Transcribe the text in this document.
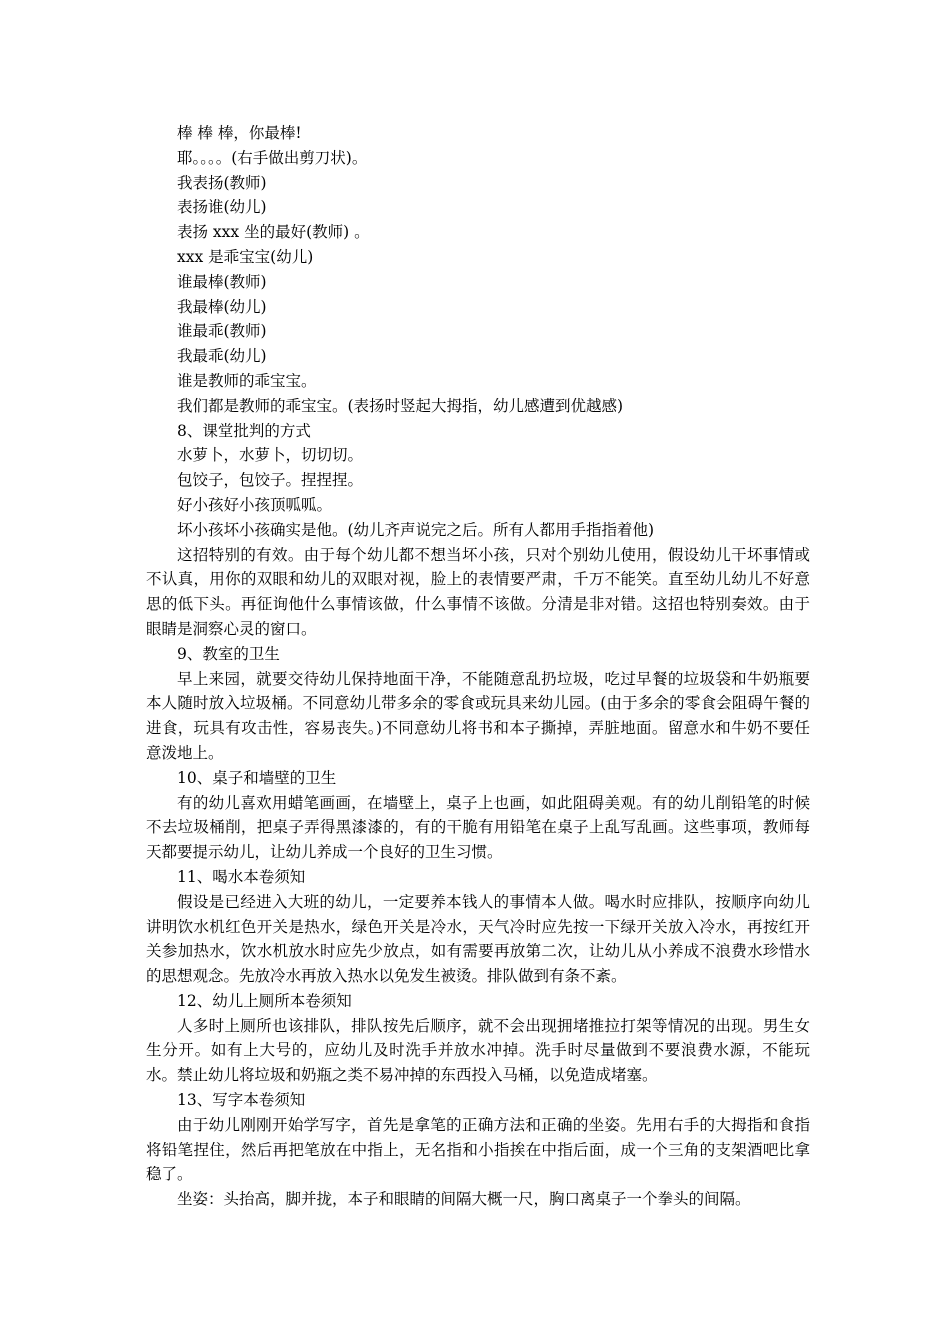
棒 棒 棒，你最棒!

耶。。。。(右手做出剪刀状)。

我表扬(教师)

表扬谁(幼儿)

表扬 xxx 坐的最好(教师) 。

xxx 是乖宝宝(幼儿)

谁最棒(教师)

我最棒(幼儿)

谁最乖(教师)

我最乖(幼儿)

谁是教师的乖宝宝。

我们都是教师的乖宝宝。(表扬时竖起大拇指，幼儿感遭到优越感)

8、课堂批判的方式

水萝卜，水萝卜，切切切。

包饺子，包饺子。捏捏捏。

好小孩好小孩顶呱呱。

坏小孩坏小孩确实是他。(幼儿齐声说完之后。所有人都用手指指着他)

这招特别的有效。由于每个幼儿都不想当坏小孩，只对个别幼儿使用，假设幼儿干坏事情或不认真，用你的双眼和幼儿的双眼对视，脸上的表情要严肃，千万不能笑。直至幼儿幼儿不好意思的低下头。再征询他什么事情该做，什么事情不该做。分清是非对错。这招也特别奏效。由于眼睛是洞察心灵的窗口。

9、教室的卫生

早上来园，就要交待幼儿保持地面干净，不能随意乱扔垃圾，吃过早餐的垃圾袋和牛奶瓶要本人随时放入垃圾桶。不同意幼儿带多余的零食或玩具来幼儿园。(由于多余的零食会阻碍午餐的进食，玩具有攻击性，容易丧失。)不同意幼儿将书和本子撕掉，弄脏地面。留意水和牛奶不要任意泼地上。

10、桌子和墙壁的卫生

有的幼儿喜欢用蜡笔画画，在墙壁上，桌子上也画，如此阻碍美观。有的幼儿削铅笔的时候不去垃圾桶削，把桌子弄得黑漆漆的，有的干脆有用铅笔在桌子上乱写乱画。这些事项，教师每天都要提示幼儿，让幼儿养成一个良好的卫生习惯。

11、喝水本卷须知

假设是已经进入大班的幼儿，一定要养本钱人的事情本人做。喝水时应排队，按顺序向幼儿讲明饮水机红色开关是热水，绿色开关是冷水，天气冷时应先按一下绿开关放入冷水，再按红开关参加热水，饮水机放水时应先少放点，如有需要再放第二次，让幼儿从小养成不浪费水珍惜水的思想观念。先放冷水再放入热水以免发生被烫。排队做到有条不紊。

12、幼儿上厕所本卷须知

人多时上厕所也该排队，排队按先后顺序，就不会出现拥堵推拉打架等情况的出现。男生女生分开。如有上大号的，应幼儿及时洗手并放水冲掉。洗手时尽量做到不要浪费水源，不能玩水。禁止幼儿将垃圾和奶瓶之类不易冲掉的东西投入马桶，以免造成堵塞。

13、写字本卷须知

由于幼儿刚刚开始学写字，首先是拿笔的正确方法和正确的坐姿。先用右手的大拇指和食指将铅笔捏住，然后再把笔放在中指上，无名指和小指挨在中指后面，成一个三角的支架酒吧比拿稳了。

坐姿：头抬高，脚并拢，本子和眼睛的间隔大概一尺，胸口离桌子一个拳头的间隔。
